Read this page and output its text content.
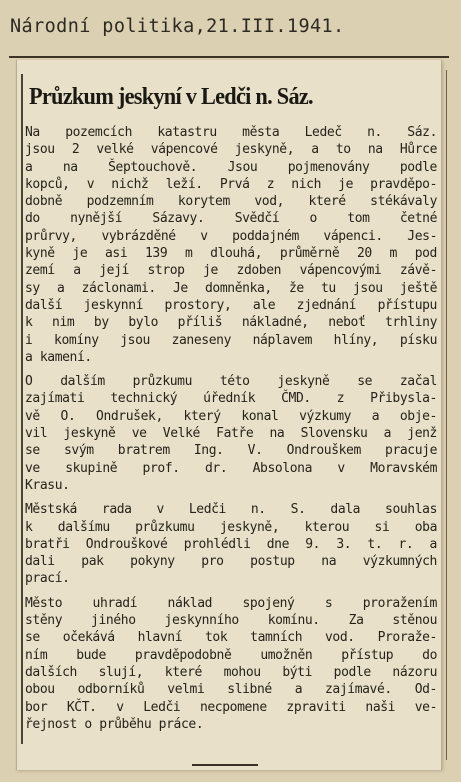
Národní politika,21.III.1941.
Průzkum jeskyní v Ledči n. Sáz.

Na pozemcích katastru města Ledeč n. Sáz.
jsou 2 velké vápencové jeskyně, a to na Hůrce
a na Šeptouchově. Jsou pojmenovány podle
kopců, v nichž leží. Prvá z nich je pravděpo-
dobně podzemním korytem vod, které stékávaly
do nynější Sázavy. Svědčí o tom četné
průrvy, vybrázděné v poddajném vápenci. Jes-
kyně je asi 139 m dlouhá, průměrně 20 m pod
zemí a její strop je zdoben vápencovými závě-
sy a záclonami. Je domněnka, že tu jsou ještě
další jeskynní prostory, ale zjednání přístupu
k nim by bylo příliš nákladné, neboť trhliny
i komíny jsou zaneseny náplavem hlíny, písku
a kamení.

O dalším průzkumu této jeskyně se začal
zajímati technický úředník ČMD. z Přibysla-
vě O. Ondrušek, který konal výzkumy a obje-
vil jeskyně ve Velké Fatře na Slovensku a jenž
se svým bratrem Ing. V. Ondrouškem pracuje
ve skupině prof. dr. Absolona v Moravském
Krasu.

Městská rada v Ledči n. S. dala souhlas
k dalšímu průzkumu jeskyně, kterou si oba
bratři Ondrouškové prohlédli dne 9. 3. t. r. a
dali pak pokyny pro postup na výzkumných
prací.

Město uhradí náklad spojený s proražením
stěny jiného jeskynního komínu. Za stěnou
se očekává hlavní tok tamních vod. Proraže-
ním bude pravděpodobně umožněn přístup do
dalších slují, které mohou býti podle názoru
obou odborníků velmi slibné a zajímavé. Od-
bor KČT. v Ledči necpomene zpraviti naši ve-
řejnost o průběhu práce.
